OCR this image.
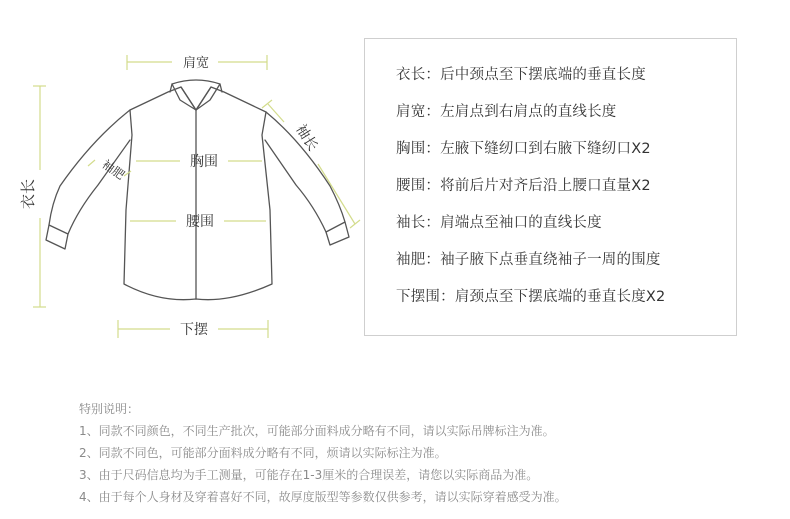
肩宽
衣长
袖长
袖肥	胸围
腰围
下摆
衣长：后中颈点至下摆底端的垂直长度
肩宽：左肩点到右肩点的直线长度
胸围：左腋下缝纫口到右腋下缝纫口X2
腰围：将前后片对齐后沿上腰口直量X2
袖长：肩端点至袖口的直线长度
袖肥：袖子腋下点垂直绕袖子一周的围度
下摆围：肩颈点至下摆底端的垂直长度X2
特别说明：
1、同款不同颜色，不同生产批次，可能部分面料成分略有不同，请以实际吊牌标注为准。
2、同款不同色，可能部分面料成分略有不同，烦请以实际标注为准。
3、由于尺码信息均为手工测量，可能存在1-3厘米的合理误差，请您以实际商品为准。
4、由于每个人身材及穿着喜好不同，故厚度版型等参数仅供参考，请以实际穿着感受为准。
